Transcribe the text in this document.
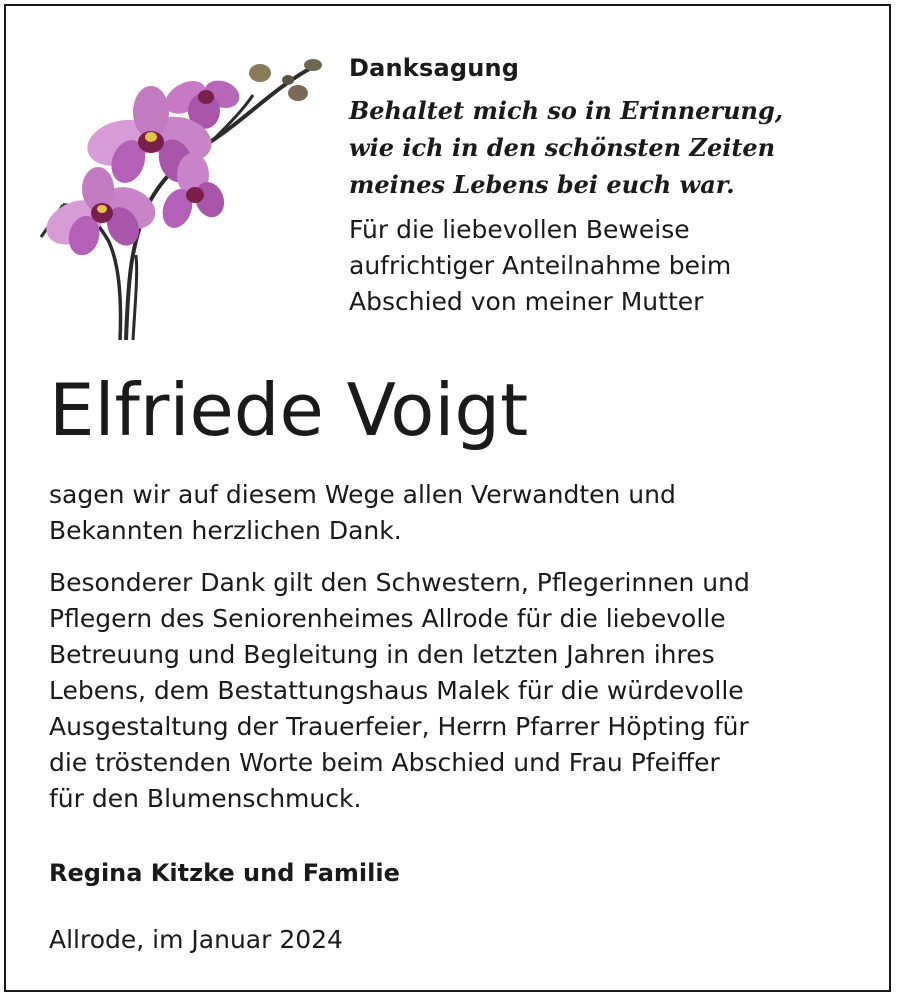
Danksagung
Behaltet mich so in Erinnerung,
wie ich in den schönsten Zeiten
meines Lebens bei euch war.
Für die liebevollen Beweise
aufrichtiger Anteilnahme beim
Abschied von meiner Mutter
Elfriede Voigt

sagen wir auf diesem Wege allen Verwandten und
Bekannten herzlichen Dank.

Besonderer Dank gilt den Schwestern, Pflegerinnen und
Pflegern des Seniorenheimes Allrode für die liebevolle
Betreuung und Begleitung in den letzten Jahren ihres
Lebens, dem Bestattungshaus Malek für die würdevolle
Ausgestaltung der Trauerfeier, Herrn Pfarrer Höpting für
die tröstenden Worte beim Abschied und Frau Pfeiffer
für den Blumenschmuck.

Regina Kitzke und Familie
Allrode, im Januar 2024
